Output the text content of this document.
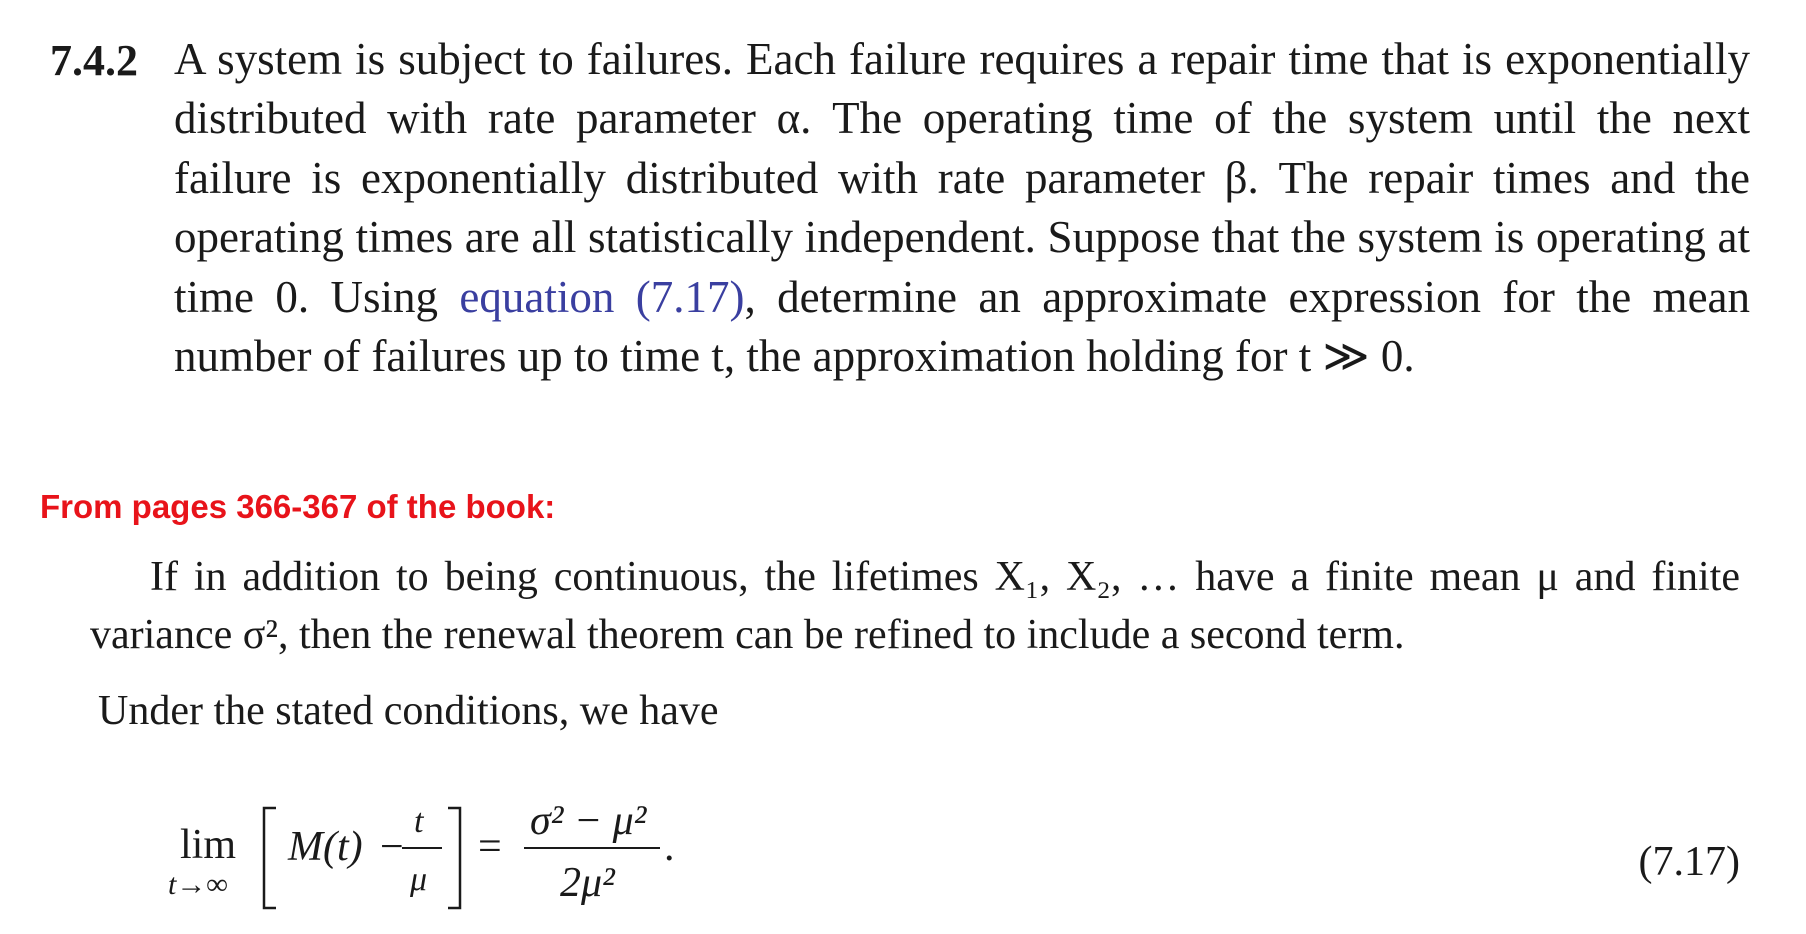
7.4.2 A system is subject to failures. Each failure requires a repair time that is exponentially distributed with rate parameter α. The operating time of the system until the next failure is exponentially distributed with rate parameter β. The repair times and the operating times are all statistically independent. Suppose that the system is operating at time 0. Using equation (7.17), determine an approximate expression for the mean number of failures up to time t, the approximation holding for t ≫ 0.

From pages 366-367 of the book:

If in addition to being continuous, the lifetimes X₁, X₂, … have a finite mean μ and finite variance σ², then the renewal theorem can be refined to include a second term.

Under the stated conditions, we have
lim
t→∞
M(t) −
t
μ
=
σ² − μ²
2μ²
.	(7.17)
